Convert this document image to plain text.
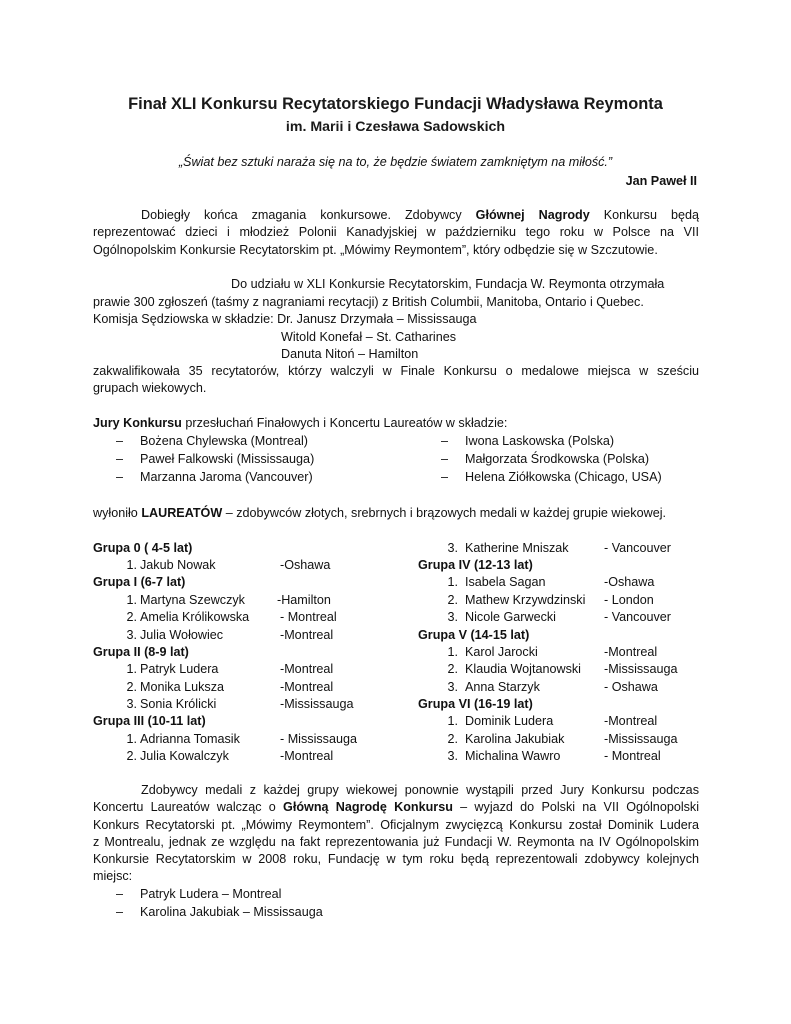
Finał XLI Konkursu Recytatorskiego Fundacji Władysława Reymonta
im. Marii i Czesława Sadowskich
„Świat bez sztuki naraża się na to, że będzie światem zamkniętym na miłość.”
Jan Paweł II
Dobiegły końca zmagania konkursowe. Zdobywcy Głównej Nagrody Konkursu będą
reprezentować dzieci i młodzież Polonii Kanadyjskiej w październiku tego roku w Polsce na VII
Ogólnopolskim Konkursie Recytatorskim pt. „Mówimy Reymontem”, który odbędzie się w Szczutowie.
Do udziału w XLI Konkursie Recytatorskim, Fundacja W. Reymonta otrzymała
prawie 300 zgłoszeń (taśmy z nagraniami recytacji) z British Columbii, Manitoba, Ontario i Quebec.
Komisja Sędziowska w składzie: Dr. Janusz Drzymała – Mississauga
Witold Konefał – St. Catharines
Danuta Nitoń – Hamilton
zakwalifikowała 35 recytatorów, którzy walczyli w Finale Konkursu o medalowe miejsca w sześciu
grupach wiekowych.
Jury Konkursu przesłuchań Finałowych i Koncertu Laureatów w składzie:
– Bożena Chylewska (Montreal)
– Paweł Falkowski (Mississauga)
– Marzanna Jaroma (Vancouver)
– Iwona Laskowska (Polska)
– Małgorzata Środkowska (Polska)
– Helena Ziółkowska (Chicago, USA)
wyłoniło LAUREATÓW – zdobywców złotych, srebrnych i brązowych medali w każdej grupie wiekowej.
Grupa 0 ( 4-5 lat)
1. Jakub Nowak	-Oshawa
Grupa I (6-7 lat)
1. Martyna Szewczyk	-Hamilton
2. Amelia Królikowska - Montreal
3. Julia Wołowiec	-Montreal
Grupa II (8-9 lat)
1. Patryk Ludera	-Montreal
2. Monika Luksza	-Montreal
3. Sonia Królicki	-Mississauga
Grupa III (10-11 lat)
1. Adrianna Tomasik	- Mississauga
2. Julia Kowalczyk	-Montreal
3. Katherine Mniszak	- Vancouver
Grupa IV (12-13 lat)
1. Isabela Sagan	-Oshawa
2. Mathew Krzywdzinski - London
3. Nicole Garwecki	- Vancouver
Grupa V (14-15 lat)
1. Karol Jarocki	-Montreal
2. Klaudia Wojtanowski -Mississauga
3. Anna Starzyk	- Oshawa
Grupa VI (16-19 lat)
1. Dominik Ludera	-Montreal
2. Karolina Jakubiak	-Mississauga
3. Michalina Wawro	- Montreal
Zdobywcy medali z każdej grupy wiekowej ponownie wystąpili przed Jury Konkursu podczas
Koncertu Laureatów walcząc o Główną Nagrodę Konkursu – wyjazd do Polski na VII Ogólnopolski
Konkurs Recytatorski pt. „Mówimy Reymontem”. Oficjalnym zwycięzcą Konkursu został Dominik Ludera
z Montrealu, jednak ze względu na fakt reprezentowania już Fundacji W. Reymonta na IV Ogólnopolskim
Konkursie Recytatorskim w 2008 roku, Fundację w tym roku będą reprezentowali zdobywcy kolejnych
miejsc:
– Patryk Ludera – Montreal
– Karolina Jakubiak – Mississauga
